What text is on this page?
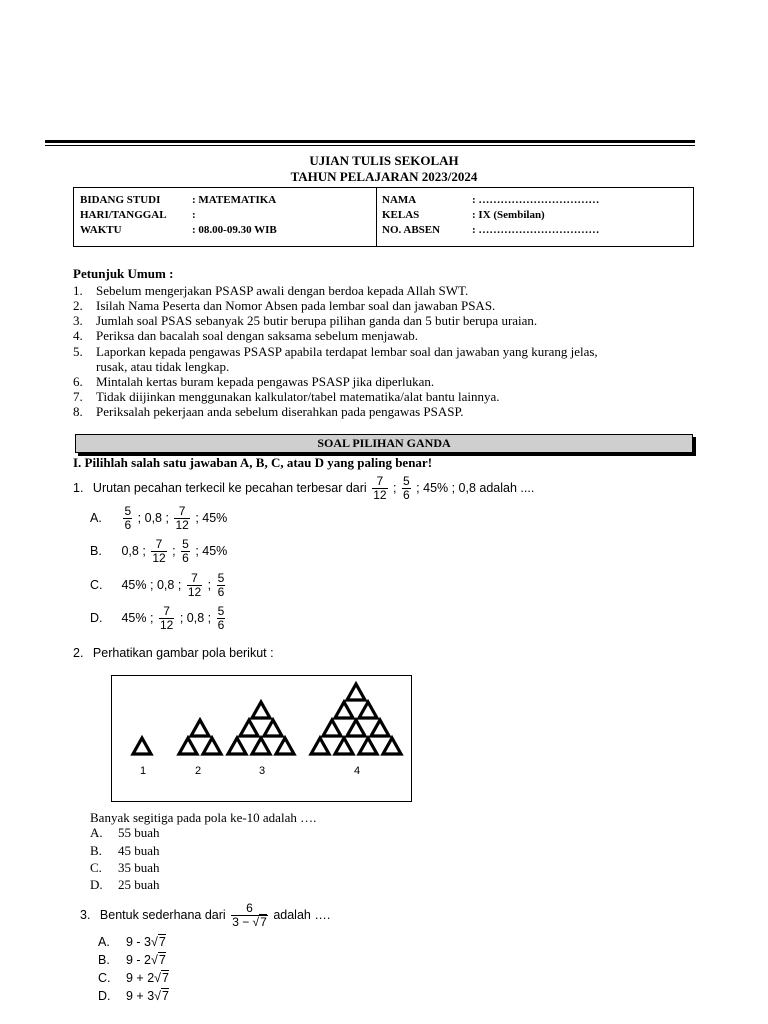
UJIAN TULIS SEKOLAH
TAHUN PELAJARAN 2023/2024
BIDANG STUDI	: MATEMATIKA
HARI/TANGGAL :
WAKTU	: 08.00-09.30 WIB
NAMA	: ……………………………
KELAS	: IX (Sembilan)
NO. ABSEN	: ……………………………
Petunjuk Umum :
1. Sebelum mengerjakan PSASP awali dengan berdoa kepada Allah SWT.
2. Isilah Nama Peserta dan Nomor Absen pada lembar soal dan jawaban PSAS.
3. Jumlah soal PSAS sebanyak 25 butir berupa pilihan ganda dan 5 butir berupa uraian.
4. Periksa dan bacalah soal dengan saksama sebelum menjawab.
5. Laporkan kepada pengawas PSASP apabila terdapat lembar soal dan jawaban yang kurang jelas,
rusak, atau tidak lengkap.
6. Mintalah kertas buram kepada pengawas PSASP jika diperlukan.
7. Tidak diijinkan menggunakan kalkulator/tabel matematika/alat bantu lainnya.
8. Periksalah pekerjaan anda sebelum diserahkan pada pengawas PSASP.
SOAL PILIHAN GANDA
I. Pilihlah salah satu jawaban A, B, C, atau D yang paling benar!
1. Urutan pecahan terkecil ke pecahan terbesar dari $\frac{7}{12}$ ; $\frac{5}{6}$ ; 45% ; 0,8 adalah ....
A. $\frac{5}{6}$ ; 0,8 ; $\frac{7}{12}$ ; 45%
B. 0,8 ; $\frac{7}{12}$ ; $\frac{5}{6}$ ; 45%
C. 45% ; 0,8 ; $\frac{7}{12}$ ; $\frac{5}{6}$
D. 45% ; $\frac{7}{12}$ ; 0,8 ; $\frac{5}{6}$
2. Perhatikan gambar pola berikut :
1	2	3	4
Banyak segitiga pada pola ke-10 adalah ….
A. 55 buah
B. 45 buah
C. 35 buah
D. 25 buah
3. Bentuk sederhana dari $\frac{6}{3 - √7}$ adalah ….
A. 9 - 3√7
B. 9 - 2√7
C. 9 + 2√7
D. 9 + 3√7
